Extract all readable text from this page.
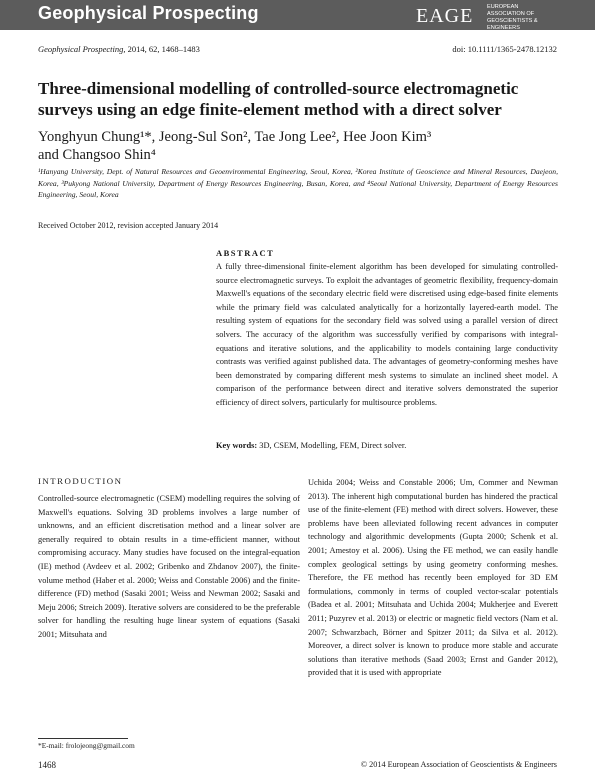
Geophysical Prospecting	EAGE EUROPEAN
ASSOCIATION OF
GEOSCIENTISTS &
ENGINEERS
Geophysical Prospecting, 2014, 62, 1468–1483	doi: 10.1111/1365-2478.12132
Three-dimensional modelling of controlled-source electromagnetic surveys using an edge finite-element method with a direct solver
Yonghyun Chung¹*, Jeong-Sul Son², Tae Jong Lee², Hee Joon Kim³
and Changsoo Shin⁴
¹Hanyang University, Dept. of Natural Resources and Geoenvironmental Engineering, Seoul, Korea, ²Korea Institute of Geoscience and Mineral Resources, Daejeon, Korea, ³Pukyong National University, Department of Energy Resources Engineering, Busan, Korea, and ⁴Seoul National University, Department of Energy Resources Engineering, Seoul, Korea
Received October 2012, revision accepted January 2014
ABSTRACT
A fully three-dimensional finite-element algorithm has been developed for simulating controlled-source electromagnetic surveys. To exploit the advantages of geometric flexibility, frequency-domain Maxwell's equations of the secondary electric field were discretised using edge-based finite elements while the primary field was calculated analytically for a horizontally layered-earth model. The resulting system of equations for the secondary field was solved using a parallel version of direct solvers. The accuracy of the algorithm was successfully verified by comparisons with integral-equations and iterative solutions, and the applicability to models containing large conductivity contrasts was verified against published data. The advantages of geometry-conforming meshes have been demonstrated by comparing different mesh systems to simulate an inclined sheet model. A comparison of the performance between direct and iterative solvers demonstrated the superior efficiency of direct solvers, particularly for multisource problems.
Key words: 3D, CSEM, Modelling, FEM, Direct solver.
INTRODUCTION
Controlled-source electromagnetic (CSEM) modelling requires the solving of Maxwell's equations. Solving 3D problems involves a large number of unknowns, and an efficient discretisation method and a linear solver are generally required to obtain results in a time-efficient manner, without compromising accuracy. Many studies have focused on the integral-equation (IE) method (Avdeev et al. 2002; Gribenko and Zhdanov 2007), the finite-volume method (Haber et al. 2000; Weiss and Constable 2006) and the finite-difference (FD) method (Sasaki 2001; Weiss and Newman 2002; Sasaki and Meju 2006; Streich 2009). Iterative solvers are considered to be the preferable solver for handling the resulting huge linear system of equations (Sasaki 2001; Mitsuhata and
Uchida 2004; Weiss and Constable 2006; Um, Commer and Newman 2013). The inherent high computational burden has hindered the practical use of the finite-element (FE) method with direct solvers. However, these problems have been alleviated following recent advances in computer technology and algorithmic developments (Gupta 2000; Schenk et al. 2001; Amestoy et al. 2006). Using the FE method, we can easily handle complex geological settings by using geometry conforming meshes. Therefore, the FE method has recently been employed for 3D EM formulations, commonly in terms of coupled vector-scalar potentials (Badea et al. 2001; Mitsuhata and Uchida 2004; Mukherjee and Everett 2011; Puzyrev et al. 2013) or electric or magnetic field vectors (Nam et al. 2007; Schwarzbach, Börner and Spitzer 2011; da Silva et al. 2012). Moreover, a direct solver is known to produce more stable and accurate solutions than iterative methods (Saad 2003; Ernst and Gander 2012), provided that it is used with appropriate
*E-mail: frolojeong@gmail.com
1468	© 2014 European Association of Geoscientists & Engineers
